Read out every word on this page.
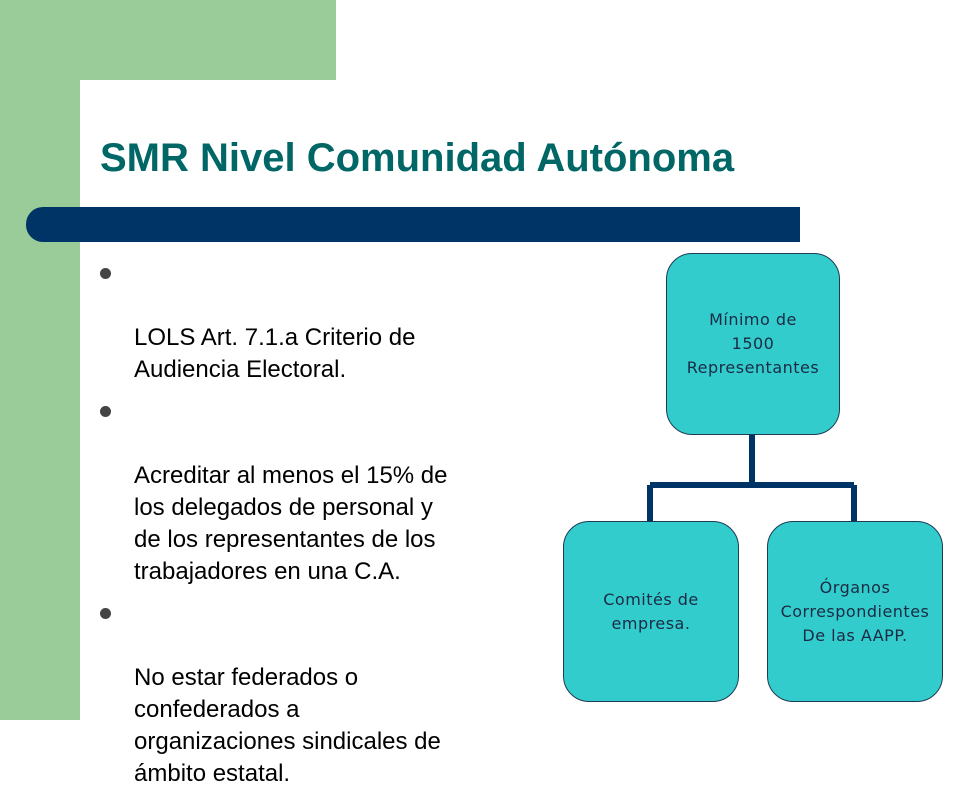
SMR Nivel Comunidad Autónoma

LOLS Art. 7.1.a Criterio de
Audiencia Electoral.

Acreditar al menos el 15% de
los delegados de personal y
de los representantes de los
trabajadores en una C.A.

No estar federados o
confederados a
organizaciones sindicales de
ámbito estatal.

Mínimo de
1500
Representantes
Comités de
empresa.
Órganos
Correspondientes
De las AAPP.
